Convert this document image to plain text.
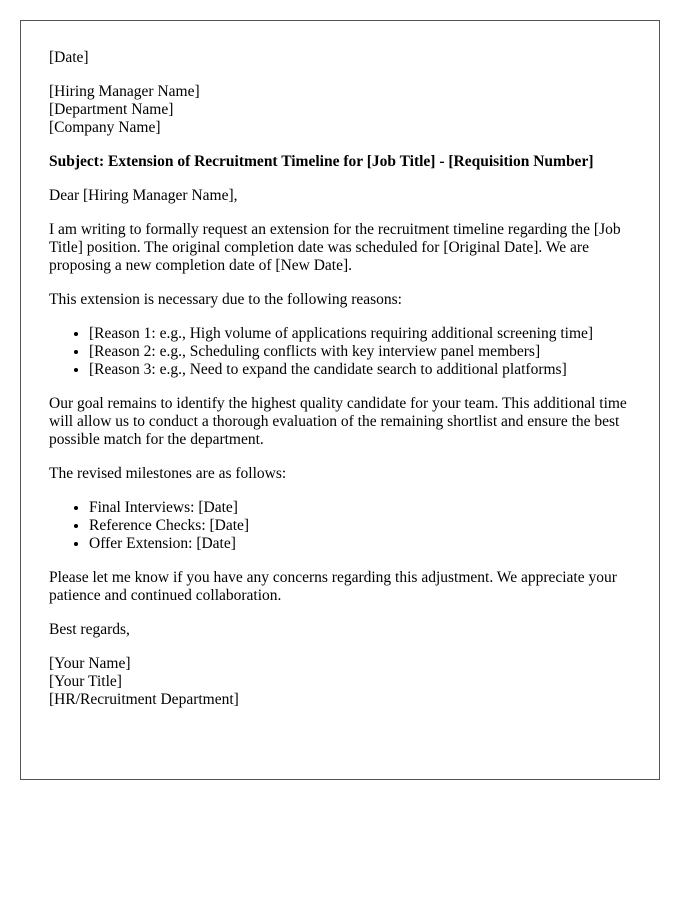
[Date]

[Hiring Manager Name]
[Department Name]
[Company Name]

Subject: Extension of Recruitment Timeline for [Job Title] - [Requisition Number]

Dear [Hiring Manager Name],

I am writing to formally request an extension for the recruitment timeline regarding the [Job Title] position. The original completion date was scheduled for [Original Date]. We are proposing a new completion date of [New Date].

This extension is necessary due to the following reasons:

• [Reason 1: e.g., High volume of applications requiring additional screening time]
• [Reason 2: e.g., Scheduling conflicts with key interview panel members]
• [Reason 3: e.g., Need to expand the candidate search to additional platforms]

Our goal remains to identify the highest quality candidate for your team. This additional time will allow us to conduct a thorough evaluation of the remaining shortlist and ensure the best possible match for the department.

The revised milestones are as follows:

• Final Interviews: [Date]
• Reference Checks: [Date]
• Offer Extension: [Date]

Please let me know if you have any concerns regarding this adjustment. We appreciate your patience and continued collaboration.

Best regards,

[Your Name]
[Your Title]
[HR/Recruitment Department]
